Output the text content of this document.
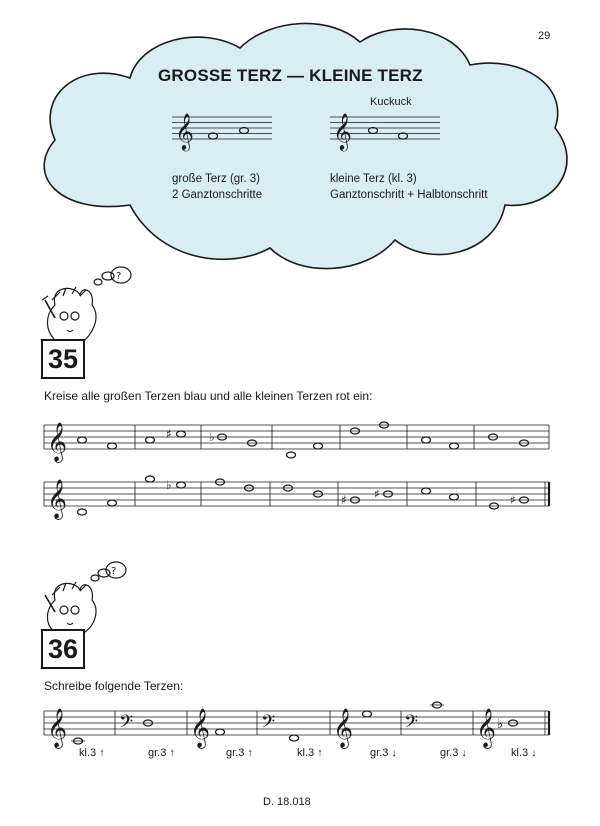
29
GROSSE TERZ — KLEINE TERZ
Kuckuck
𝄞	𝄞
große Terz (gr. 3)
2 Ganztonschritte
kleine Terz (kl. 3)
Ganztonschritt + Halbtonschritt
?
?
35
Kreise alle großen Terzen blau und alle kleinen Terzen rot ein:
𝄞	♯	♭
𝄞	♭
♯ ♯	♯
36
Schreibe folgende Terzen:
𝄞 𝄢 𝄞 𝄢 𝄞 𝄢 𝄞 ♭
kl.3 ↑	gr.3 ↑	gr.3 ↑	kl.3 ↑	gr.3 ↓	gr.3 ↓	kl.3 ↓
D. 18.018
